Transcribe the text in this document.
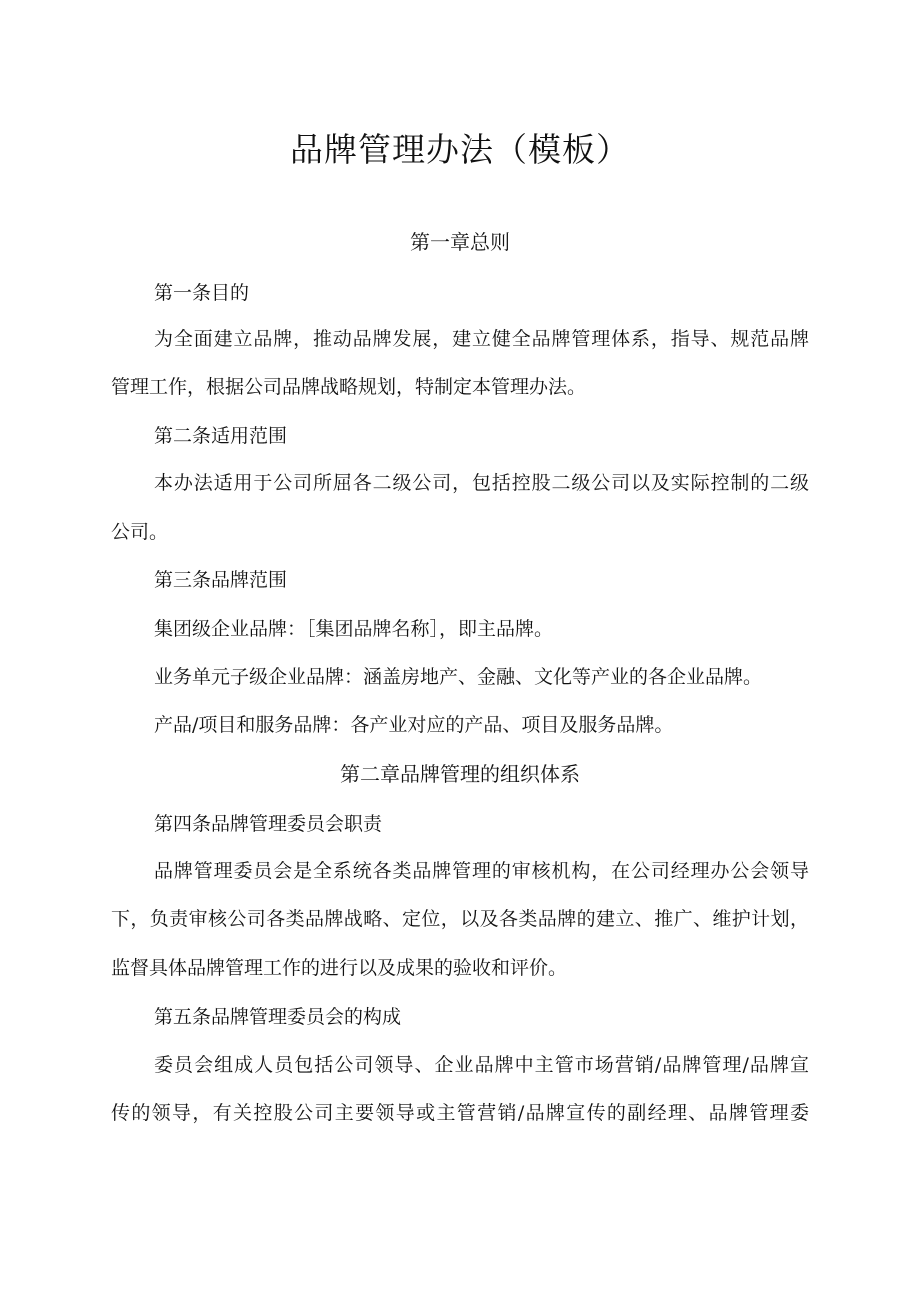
品牌管理办法（模板）
第一章总则

第一条目的

为全面建立品牌，推动品牌发展，建立健全品牌管理体系，指导、规范品牌

管理工作，根据公司品牌战略规划，特制定本管理办法。

第二条适用范围

本办法适用于公司所屈各二级公司，包括控股二级公司以及实际控制的二级

公司。

第三条品牌范围

集团级企业品牌：［集团品牌名称］，即主品牌。

业务单元子级企业品牌：涵盖房地产、金融、文化等产业的各企业品牌。

产品/项目和服务品牌：各产业对应的产品、项目及服务品牌。

第二章品牌管理的组织体系

第四条品牌管理委员会职责

品牌管理委员会是全系统各类品牌管理的审核机构，在公司经理办公会领导

下，负责审核公司各类品牌战略、定位，以及各类品牌的建立、推广、维护计划，

监督具体品牌管理工作的进行以及成果的验收和评价。

第五条品牌管理委员会的构成

委员会组成人员包括公司领导、企业品牌中主管市场营销/品牌管理/品牌宣

传的领导，有关控股公司主要领导或主管营销/品牌宣传的副经理、品牌管理委
